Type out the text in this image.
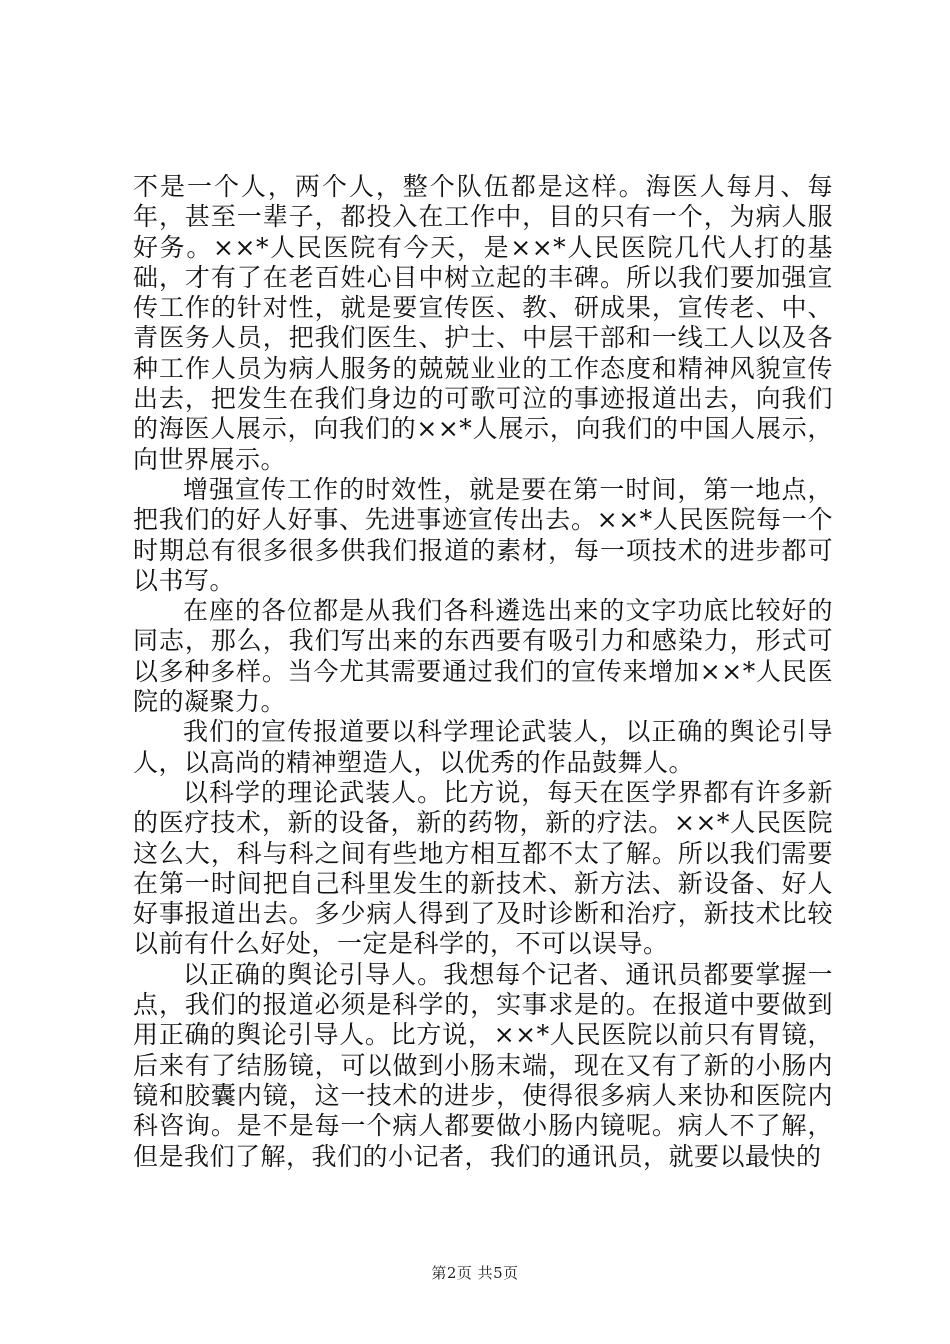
不是一个人，两个人，整个队伍都是这样。海医人每月、每年，甚至一辈子，都投入在工作中，目的只有一个，为病人服好务。××*人民医院有今天，是××*人民医院几代人打的基础，才有了在老百姓心目中树立起的丰碑。所以我们要加强宣传工作的针对性，就是要宣传医、教、研成果，宣传老、中、青医务人员，把我们医生、护士、中层干部和一线工人以及各种工作人员为病人服务的兢兢业业的工作态度和精神风貌宣传出去，把发生在我们身边的可歌可泣的事迹报道出去，向我们的海医人展示，向我们的××*人展示，向我们的中国人展示，向世界展示。

增强宣传工作的时效性，就是要在第一时间，第一地点，把我们的好人好事、先进事迹宣传出去。××*人民医院每一个时期总有很多很多供我们报道的素材，每一项技术的进步都可以书写。

在座的各位都是从我们各科遴选出来的文字功底比较好的同志，那么，我们写出来的东西要有吸引力和感染力，形式可以多种多样。当今尤其需要通过我们的宣传来增加××*人民医院的凝聚力。

我们的宣传报道要以科学理论武装人，以正确的舆论引导人，以高尚的精神塑造人，以优秀的作品鼓舞人。

以科学的理论武装人。比方说，每天在医学界都有许多新的医疗技术，新的设备，新的药物，新的疗法。××*人民医院这么大，科与科之间有些地方相互都不太了解。所以我们需要在第一时间把自己科里发生的新技术、新方法、新设备、好人好事报道出去。多少病人得到了及时诊断和治疗，新技术比较以前有什么好处，一定是科学的，不可以误导。

以正确的舆论引导人。我想每个记者、通讯员都要掌握一点，我们的报道必须是科学的，实事求是的。在报道中要做到用正确的舆论引导人。比方说，××*人民医院以前只有胃镜，后来有了结肠镜，可以做到小肠末端，现在又有了新的小肠内镜和胶囊内镜，这一技术的进步，使得很多病人来协和医院内科咨询。是不是每一个病人都要做小肠内镜呢。病人不了解，但是我们了解，我们的小记者，我们的通讯员，就要以最快的

第2页 共5页
